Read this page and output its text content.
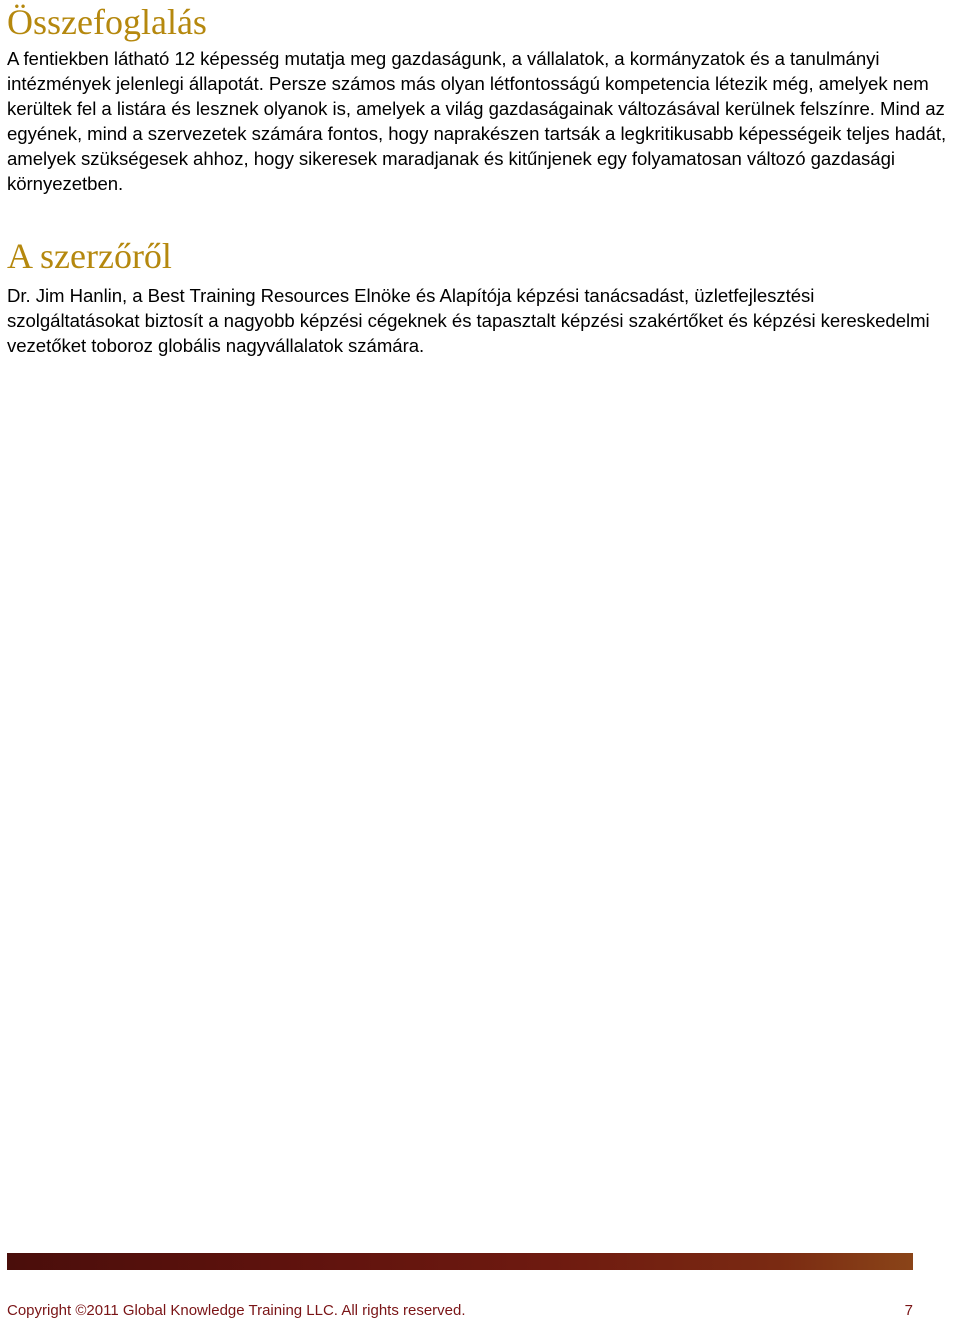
Összefoglalás

A fentiekben látható 12 képesség mutatja meg gazdaságunk, a vállalatok, a kormányzatok és a tanulmányi intézmények jelenlegi állapotát. Persze számos más olyan létfontosságú kompetencia létezik még, amelyek nem kerültek fel a listára és lesznek olyanok is, amelyek a világ gazdaságainak változásával kerülnek felszínre. Mind az egyének, mind a szervezetek számára fontos, hogy naprakészen tartsák a legkritikusabb képességeik teljes hadát, amelyek szükségesek ahhoz, hogy sikeresek maradjanak és kitűnjenek egy folyamatosan változó gazdasági környezetben.

A szerzőről

Dr. Jim Hanlin, a Best Training Resources Elnöke és Alapítója képzési tanácsadást, üzletfejlesztési szolgáltatásokat biztosít a nagyobb képzési cégeknek és tapasztalt képzési szakértőket és képzési kereskedelmi vezetőket toboroz globális nagyvállalatok számára.

Copyright ©2011 Global Knowledge Training LLC. All rights reserved.	7
